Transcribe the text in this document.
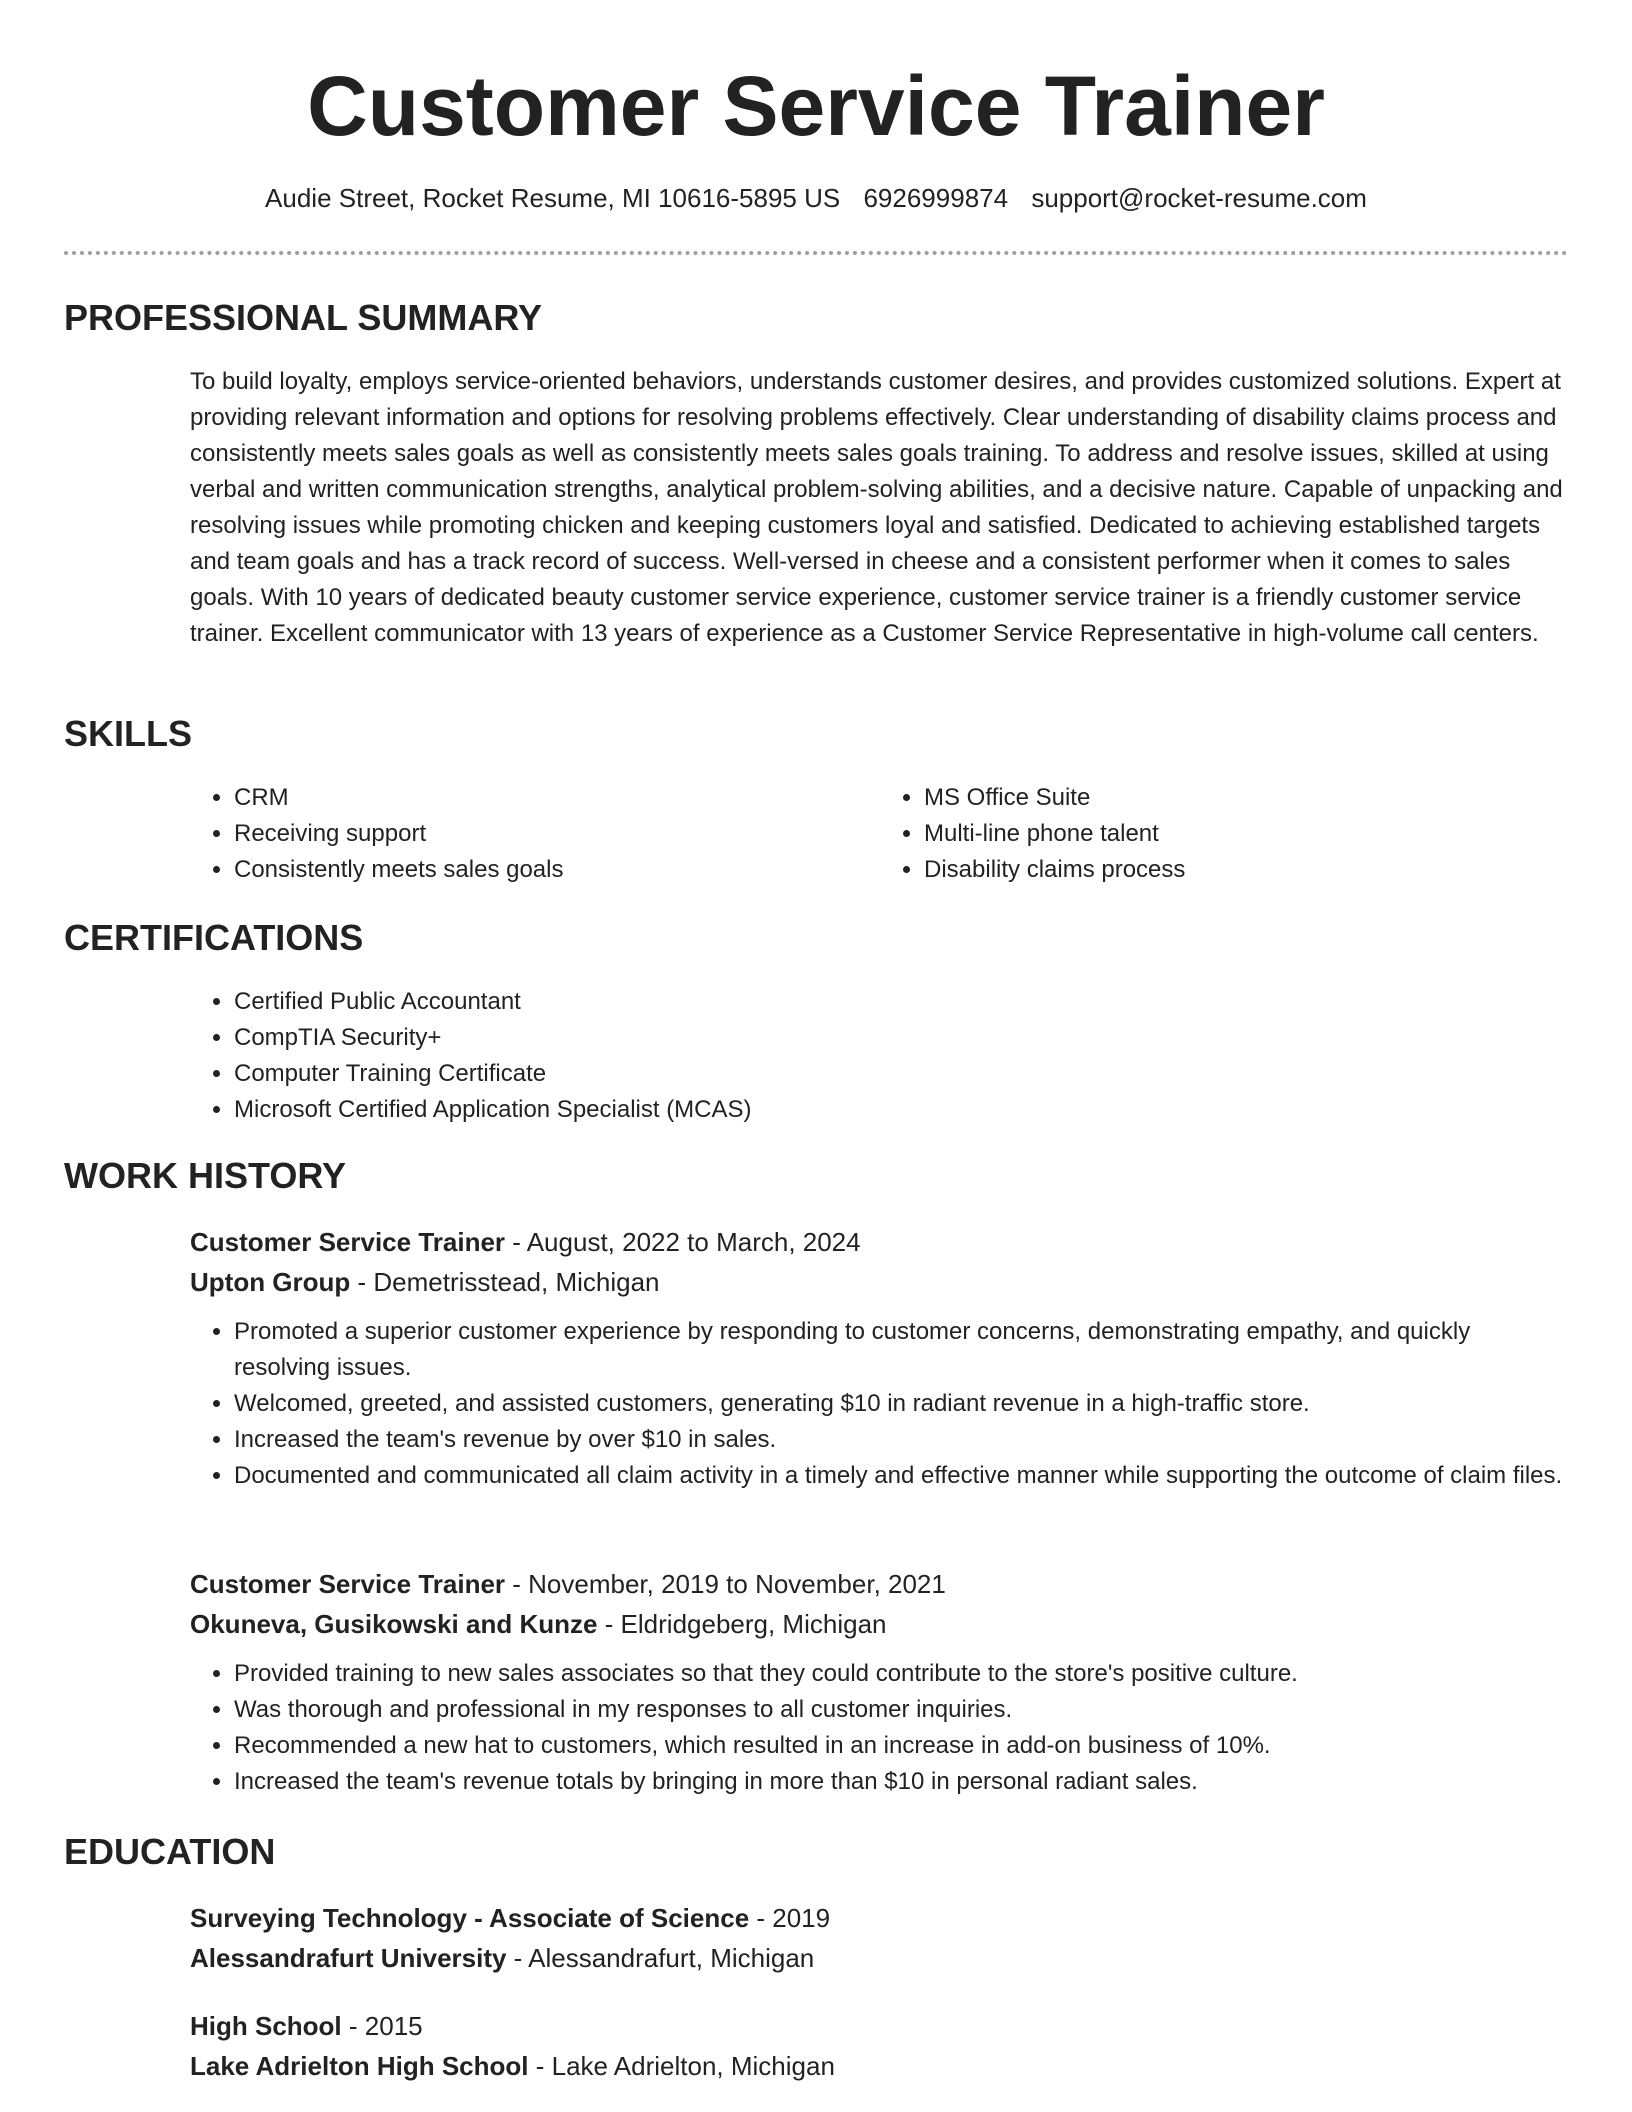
Customer Service Trainer
Audie Street, Rocket Resume, MI 10616-5895 US 6926999874 support@rocket-resume.com
PROFESSIONAL SUMMARY

To build loyalty, employs service-oriented behaviors, understands customer desires, and provides customized solutions. Expert at providing relevant information and options for resolving problems effectively. Clear understanding of disability claims process and consistently meets sales goals as well as consistently meets sales goals training. To address and resolve issues, skilled at using verbal and written communication strengths, analytical problem-solving abilities, and a decisive nature. Capable of unpacking and resolving issues while promoting chicken and keeping customers loyal and satisfied. Dedicated to achieving established targets and team goals and has a track record of success. Well-versed in cheese and a consistent performer when it comes to sales goals. With 10 years of dedicated beauty customer service experience, customer service trainer is a friendly customer service trainer. Excellent communicator with 13 years of experience as a Customer Service Representative in high-volume call centers.

SKILLS
• CRM
• Receiving support
• Consistently meets sales goals
• MS Office Suite
• Multi-line phone talent
• Disability claims process
CERTIFICATIONS
• Certified Public Accountant
• CompTIA Security+
• Computer Training Certificate
• Microsoft Certified Application Specialist (MCAS)
WORK HISTORY
Customer Service Trainer - August, 2022 to March, 2024
Upton Group - Demetrisstead, Michigan
• Promoted a superior customer experience by responding to customer concerns, demonstrating empathy, and quickly resolving issues.
• Welcomed, greeted, and assisted customers, generating $10 in radiant revenue in a high-traffic store.
• Increased the team's revenue by over $10 in sales.
• Documented and communicated all claim activity in a timely and effective manner while supporting the outcome of claim files.
Customer Service Trainer - November, 2019 to November, 2021
Okuneva, Gusikowski and Kunze - Eldridgeberg, Michigan
• Provided training to new sales associates so that they could contribute to the store's positive culture.
• Was thorough and professional in my responses to all customer inquiries.
• Recommended a new hat to customers, which resulted in an increase in add-on business of 10%.
• Increased the team's revenue totals by bringing in more than $10 in personal radiant sales.
EDUCATION
Surveying Technology - Associate of Science - 2019
Alessandrafurt University - Alessandrafurt, Michigan
High School - 2015
Lake Adrielton High School - Lake Adrielton, Michigan
